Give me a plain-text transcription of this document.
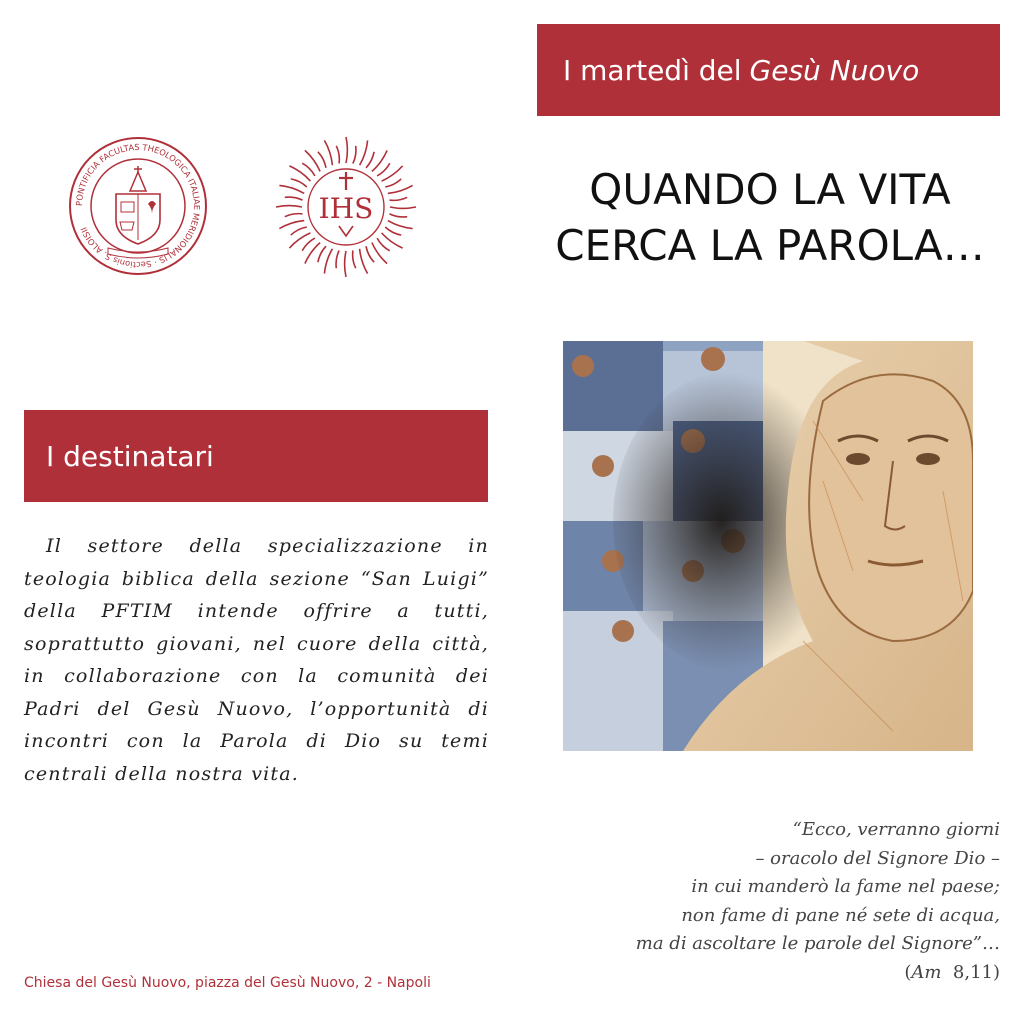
I martedì del Gesù Nuovo
QUANDO LA VITA
CERCA LA PAROLA…
PONTIFICIA FACULTAS THEOLOGICA ITALIAE MERIDIONALIS · Sectionis S. ALOISII
IHS
I destinatari
Il settore della specializzazione in teologia biblica della sezione “San Luigi” della PFTIM intende offrire a tutti, soprattutto giovani, nel cuore della città, in collaborazione con la comunità dei Padri del Gesù Nuovo, l’opportunità di incontri con la Parola di Dio su temi centrali della nostra vita.
“Ecco, verranno giorni
– oracolo del Signore Dio –
in cui manderò la fame nel paese;
non fame di pane né sete di acqua,
ma di ascoltare le parole del Signore”…
(Am 8,11)
Chiesa del Gesù Nuovo, piazza del Gesù Nuovo, 2 - Napoli
